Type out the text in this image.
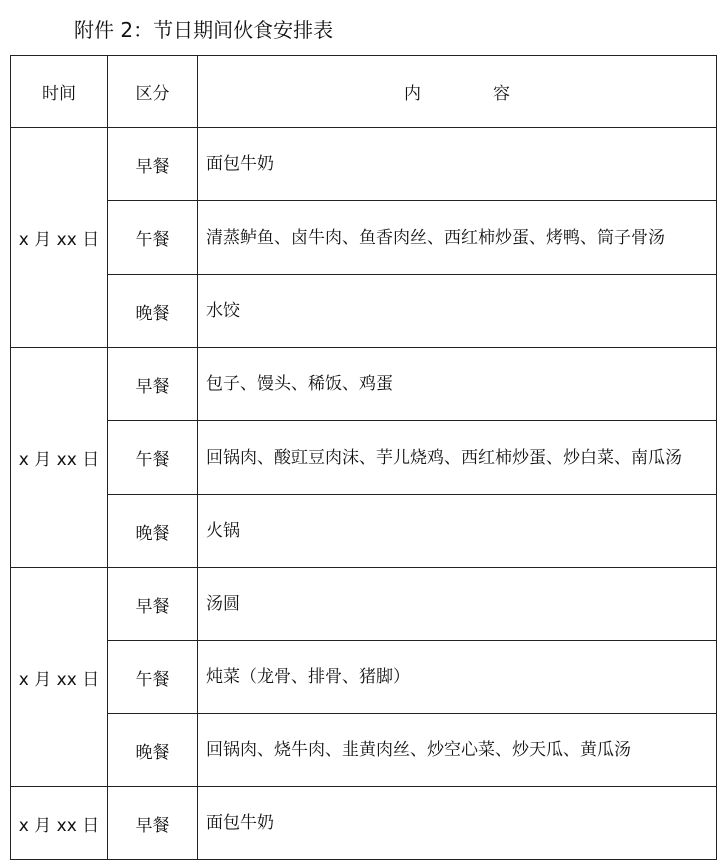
附件 2：节日期间伙食安排表
时间	区分	内容
x 月 xx 日	早餐	面包牛奶
	午餐	清蒸鲈鱼、卤牛肉、鱼香肉丝、西红柿炒蛋、烤鸭、筒子骨汤
	晚餐	水饺
x 月 xx 日	早餐	包子、馒头、稀饭、鸡蛋
	午餐	回锅肉、酸豇豆肉沫、芋儿烧鸡、西红柿炒蛋、炒白菜、南瓜汤
	晚餐	火锅
x 月 xx 日	早餐	汤圆
	午餐	炖菜（龙骨、排骨、猪脚）
	晚餐	回锅肉、烧牛肉、韭黄肉丝、炒空心菜、炒天瓜、黄瓜汤
x 月 xx 日	早餐	面包牛奶
